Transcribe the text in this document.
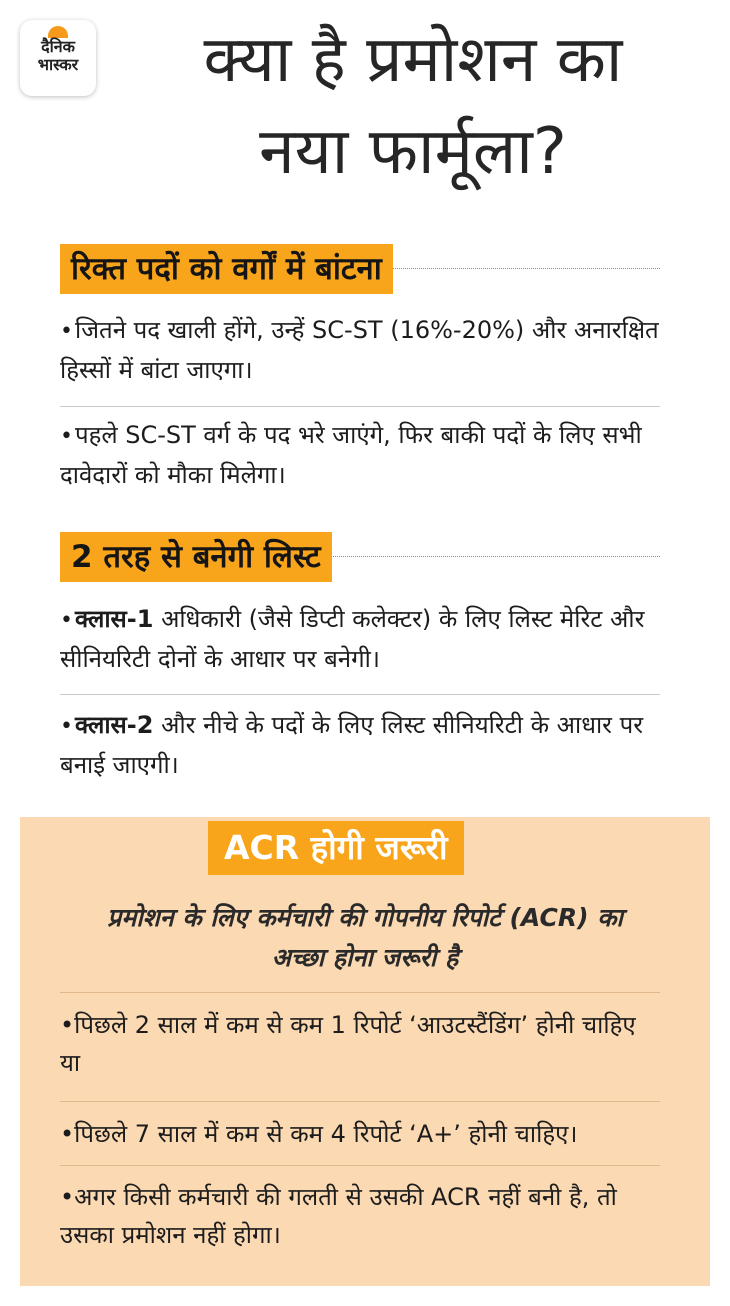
दैनिक
भास्कर	क्या है प्रमोशन का
नया फार्मूला?
रिक्त पदों को वर्गों में बांटना

•जितने पद खाली होंगे, उन्हें SC-ST (16%-20%) और अनारक्षित हिस्सों में बांटा जाएगा।

•पहले SC-ST वर्ग के पद भरे जाएंगे, फिर बाकी पदों के लिए सभी दावेदारों को मौका मिलेगा।

2 तरह से बनेगी लिस्ट

•क्लास-1 अधिकारी (जैसे डिप्टी कलेक्टर) के लिए लिस्ट मेरिट और सीनियरिटी दोनों के आधार पर बनेगी।

•क्लास-2 और नीचे के पदों के लिए लिस्ट सीनियरिटी के आधार पर बनाई जाएगी।

ACR होगी जरूरी

प्रमोशन के लिए कर्मचारी की गोपनीय रिपोर्ट (ACR) का अच्छा होना जरूरी है

•पिछले 2 साल में कम से कम 1 रिपोर्ट ‘आउटस्टैंडिंग’ होनी चाहिए या

•पिछले 7 साल में कम से कम 4 रिपोर्ट ‘A+’ होनी चाहिए।

•अगर किसी कर्मचारी की गलती से उसकी ACR नहीं बनी है, तो उसका प्रमोशन नहीं होगा।
